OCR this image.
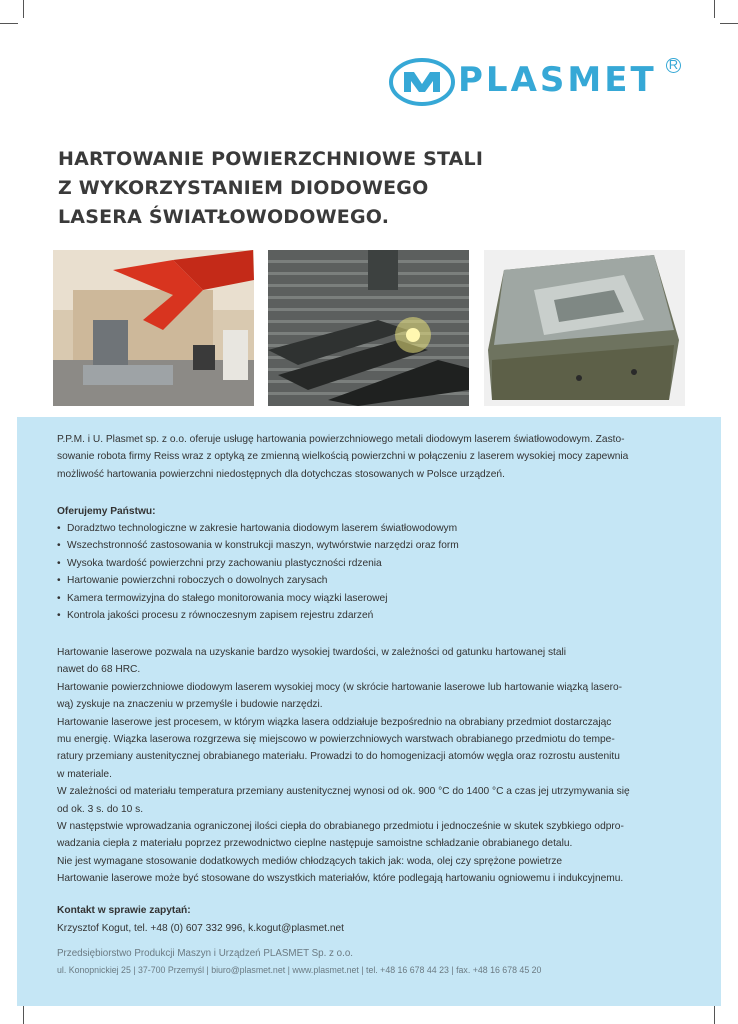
PLASMET R
HARTOWANIE POWIERZCHNIOWE STALI
Z WYKORZYSTANIEM DIODOWEGO
LASERA ŚWIATŁOWODOWEGO.
P.P.M. i U. Plasmet sp. z o.o. oferuje usługę hartowania powierzchniowego metali diodowym laserem światłowodowym. Zasto-
sowanie robota firmy Reiss wraz z optyką ze zmienną wielkością powierzchni w połączeniu z laserem wysokiej mocy zapewnia
możliwość hartowania powierzchni niedostępnych dla dotychczas stosowanych w Polsce urządzeń.
Oferujemy Państwu:
• Doradztwo technologiczne w zakresie hartowania diodowym laserem światłowodowym
• Wszechstronność zastosowania w konstrukcji maszyn, wytwórstwie narzędzi oraz form
• Wysoka twardość powierzchni przy zachowaniu plastyczności rdzenia
• Hartowanie powierzchni roboczych o dowolnych zarysach
• Kamera termowizyjna do stałego monitorowania mocy wiązki laserowej
• Kontrola jakości procesu z równoczesnym zapisem rejestru zdarzeń

Hartowanie laserowe pozwala na uzyskanie bardzo wysokiej twardości, w zależności od gatunku hartowanej stali

nawet do 68 HRC.

Hartowanie powierzchniowe diodowym laserem wysokiej mocy (w skrócie hartowanie laserowe lub hartowanie wiązką lasero-

wą) zyskuje na znaczeniu w przemyśle i budowie narzędzi.

Hartowanie laserowe jest procesem, w którym wiązka lasera oddziałuje bezpośrednio na obrabiany przedmiot dostarczając

mu energię. Wiązka laserowa rozgrzewa się miejscowo w powierzchniowych warstwach obrabianego przedmiotu do tempe-

ratury przemiany austenitycznej obrabianego materiału. Prowadzi to do homogenizacji atomów węgla oraz rozrostu austenitu

w materiale.

W zależności od materiału temperatura przemiany austenitycznej wynosi od ok. 900 °C do 1400 °C a czas jej utrzymywania się

od ok. 3 s. do 10 s.

W następstwie wprowadzania ograniczonej ilości ciepła do obrabianego przedmiotu i jednocześnie w skutek szybkiego odpro-

wadzania ciepła z materiału poprzez przewodnictwo cieplne następuje samoistne schładzanie obrabianego detalu.

Nie jest wymagane stosowanie dodatkowych mediów chłodzących takich jak: woda, olej czy sprężone powietrze

Hartowanie laserowe może być stosowane do wszystkich materiałów, które podlegają hartowaniu ogniowemu i indukcyjnemu.

Kontakt w sprawie zapytań:
Krzysztof Kogut, tel. +48 (0) 607 332 996, k.kogut@plasmet.net
Przedsiębiorstwo Produkcji Maszyn i Urządzeń PLASMET Sp. z o.o.
ul. Konopnickiej 25 | 37-700 Przemyśl | biuro@plasmet.net | www.plasmet.net | tel. +48 16 678 44 23 | fax. +48 16 678 45 20
